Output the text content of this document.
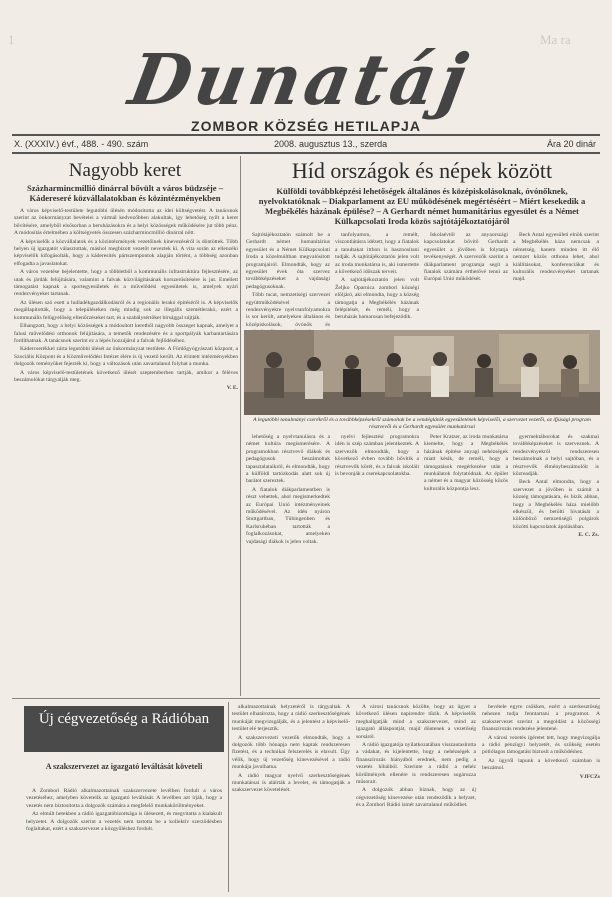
1	Ma ra
Dunatáj
ZOMBOR KÖZSÉG HETILAPJA
X. (XXXIV.) évf., 488. - 490. szám	2008. augusztus 13., szerda	Ára 20 dinár
Nagyobb keret
Százharmincmillió dinárral bővült a város büdzséje – Kádereseré közvállalatokban és közintézményekben

A város képviselő-testülete legutóbbi ülésén módosította az idei költségvetést. A tanácsnok szerint az önkormányzat bevételei a vártnál kedvezőbben alakultak, így lehetőség nyílt a keret bővítésére, amelyből elsősorban a beruházásokra és a helyi közösségek működésére jut több pénz. A módosítás értelmében a költségvetés összesen százharmincmillió dinárral nőtt.

A képviselők a közvállalatok és a közintézmények vezetőinek kinevezéséről is döntöttek. Több helyen új igazgatót választottak, máshol megbízott vezetőt neveztek ki. A vita során az ellenzéki képviselők kifogásolták, hogy a káderesítés pártszempontok alapján történt, a többség azonban elfogadta a javaslatokat.

A város vezetése bejelentette, hogy a többletből a kommunális infrastruktúra fejlesztésére, az utak és járdák felújítására, valamint a falvak közvilágításának korszerűsítésére is jut. Emellett támogatást kapnak a sportegyesületek és a művelődési egyesületek is, amelyek nyári rendezvényeket tartanak.

Az ülésen szó esett a hulladékgazdálkodásról és a regionális lerakó építéséről is. A képviselők megállapították, hogy a településeken még mindig sok az illegális szemétlerakó, ezért a kommunális felügyelőség ellenőrzéseket tart, és a szabálysértőket bírsággal sújtják.

Elhangzott, hogy a helyi közösségek a módosított keretből nagyobb összeget kapnak, amelyet a falusi művelődési otthonok felújítására, a temetők rendezésére és a sportpályák karbantartására fordíthatnak. A tanácsnok szerint ez a lépés hozzájárul a falvak fejlődéséhez.

Kádercserékkel zárta legutóbbi ülését az önkormányzat testülete. A Fürdőgyógyászati központ, a Szociális Központ és a Közművelődési Intézet élére is új vezető került. Az érintett intézményekben dolgozók reményüket fejezték ki, hogy a változások után zavartalanul folyhat a munka.

A város képviselő-testületének következő ülését szeptemberben tartják, amikor a féléves beszámolókat tárgyalják meg.

V. E.

Híd országok és népek között
Külföldi továbbképzési lehetőségek általános és középiskolásoknak, óvónőknek, nyelvoktatóknak – Diakparlament az EU működésének megértéséért – Miért kesekedik a Megbékélés házának épülése? – A Gerhardt német humanitárius egyesület és a Német Külkapcsolati Iroda közös sajtótájékoztatójáról

Sajtótájékoztatón számolt be a Gerhardt német humanitárius egyesület és a Német Külkapcsolati Iroda a közelmúltban megvalósított programjairól. Elmondták, hogy az egyesület évek óta szervez továbbképzéseket a vajdasági pedagógusoknak.

Több tucat, nemzetiségi szervezet együttműködésével a rendezvényekre nyelvtanfolyamokra is sor került, amelyeken általános és középiskolások, óvónők és

tanfolyamon, a remélt, viszontlátásra idézett, hogy a fiatalok a tanultakat itthon is hasznosítani tudják. A sajtótájékoztatón jelen volt az iroda munkatársa is, aki ismertette a következő időszak terveit.

A sajtótájékoztatón jelen volt Željko Oparnica zombori községi elöljáró, aki elmondta, hogy a község támogatja a Megbékélés házának felépítését, és reméli, hogy a beruházás hamarosan befejeződik.

Iskolaévtől az anyaországi kapcsolatokat bővítő Gerhardt egyesület a jövőben is folytatja tevékenységét. A szervezők szerint a diákparlament programja segít a fiatalok számára érthetővé tenni az Európai Unió működését.

Beck Antal egyesületi elnök szerint a Megbékélés háza nemcsak a németség, hanem minden itt élő nemzet közös otthona lehet, ahol kiállításokat, konferenciákat és kulturális rendezvényeket tartanak majd.

A legutóbbi tanulmányi cserékről és a továbbképzésekről számoltak be a vendéglátók egyesületének képviselői, a szervezet vezetői, az ifjúsági program résztvevői és a Gerhardt egyesület munkatársai

lehetőség a nyelvtanulásra és a német kultúra megismerésére. A programokban résztvevő diákok és pedagógusok beszámoltak tapasztalataikról, és elmondták, hogy a külföldi tartózkodás alatt sok új barátot szereztek.

A fiatalok diákparlamentben is részt vehettek, ahol megismerkedtek az Európai Unió intézményeinek működésével. Az idén nyáron Stuttgartban, Tübingenben és Karlsruhéban tartották a foglalkozásokat, amelyeken vajdasági diákok is jelen voltak.

nyelvi fejlesztési programokra idén is szép számban jelentkeztek. A szervezők elmondták, hogy a következő évben tovább bővítik a résztvevők körét, és a falvak iskoláit is bevonják a cserekapcsolatokba.

Peter Kratzer, az iroda munkatársa kiemelte, hogy a Megbékélés házának építése anyagi nehézségek miatt késik, de reméli, hogy a támogatások megérkezése után a munkálatok folytatódnak. Az épület a német és a magyar közösség közös kulturális központja lesz.

gyermektáborokat és szakmai továbbképzéseket is szerveznek. A rendezvényekről rendszeresen beszámolnak a helyi sajtóban, és a résztvevők élménybeszámolóit is közreadják.

Beck Antal elmondta, hogy a szervezet a jövőben is számít a község támogatására, és bízik abban, hogy a Megbékélés háza mielőbb elkészül, és betölti hivatását a különböző nemzetiségű polgárok közötti kapcsolatok ápolásában.

E. C. Zs.

Új cégvezetőség a Rádióban
A szakszervezet az igazgató leváltását követeli

A Zombori Rádió alkalmazottainak szakszervezete levélben fordult a város vezetéséhez, amelyben követelik az igazgató leváltását. A levélben azt írják, hogy a vezetés nem biztosította a dolgozók számára a megfelelő munkakörülményeket.

Az elmúlt hetekben a rádió igazgatóbizottsága is ülésezett, és megvitatta a kialakult helyzetet. A dolgozók szerint a vezetés nem tartotta be a kollektív szerződésben foglaltakat, ezért a szakszervezet a közgyűléshez fordult.

alkalmazottainak helyzetéről is tárgyaltak. A testület elhatározta, hogy a rádió szerkesztőségének munkáját megvizsgálják, és a jelentést a képviselő-testület elé terjesztik.

A szakszervezeti vezetők elmondták, hogy a dolgozók több hónapja nem kaptak rendszeresen fizetést, és a technikai felszerelés is elavult. Úgy vélik, hogy új vezetőség kinevezésével a rádió munkája javulhatna.

A rádió magyar nyelvű szerkesztőségének munkatársai is aláírták a levelet, és támogatják a szakszervezet követelését.

A városi tanácsnok közölte, hogy az ügyet a következő ülésen napirendre tűzik. A képviselők meghallgatják mind a szakszervezet, mind az igazgató álláspontját, majd döntenek a vezetőség sorsáról.

A rádió igazgatója nyilatkozatában visszautasította a vádakat, és kijelentette, hogy a nehézségek a finanszírozás hiányából erednek, nem pedig a vezetés hibáiból. Szerinte a rádió a nehéz körülmények ellenére is rendszeresen sugározza műsorait.

A dolgozók abban bíznak, hogy az új cégvezetőség kinevezése után rendeződik a helyzet, és a Zombori Rádió ismét zavartalanul működhet.

bevétele egyre csökken, ezért a szerkesztőség nehezen tudja fenntartani a programot. A szakszervezet szerint a megoldást a közösségi finanszírozás rendezése jelentené.

A városi vezetés ígéretet tett, hogy megvizsgálja a rádió pénzügyi helyzetét, és szükség esetén pótlólagos támogatást biztosít a működéshez.

Az ügyről lapunk a következő számban is beszámol.

VJFCZs
